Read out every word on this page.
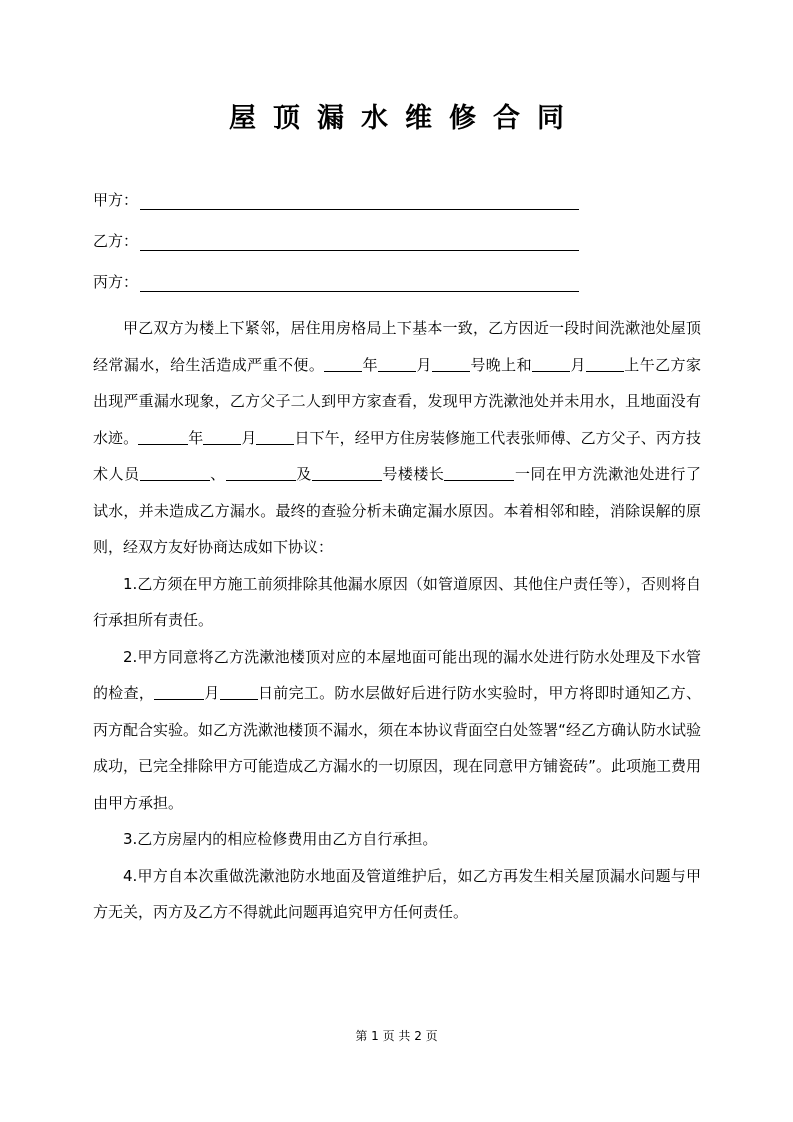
屋顶漏水维修合同
甲方：
乙方：
丙方：

甲乙双方为楼上下紧邻，居住用房格局上下基本一致，乙方因近一段时间洗漱池处屋顶经常漏水，给生活造成严重不便。	年	月	号晚上和	月	上午乙方家出现严重漏水现象，乙方父子二人到甲方家查看，发现甲方洗漱池处并未用水，且地面没有水迹。	年	月	日下午，经甲方住房装修施工代表张师傅、乙方父子、丙方技术人员	、	及	号楼楼长	一同在甲方洗漱池处进行了试水，并未造成乙方漏水。最终的查验分析未确定漏水原因。本着相邻和睦，消除误解的原则，经双方友好协商达成如下协议：

1.乙方须在甲方施工前须排除其他漏水原因（如管道原因、其他住户责任等），否则将自行承担所有责任。

2.甲方同意将乙方洗漱池楼顶对应的本屋地面可能出现的漏水处进行防水处理及下水管的检查，	月	日前完工。防水层做好后进行防水实验时，甲方将即时通知乙方、丙方配合实验。如乙方洗漱池楼顶不漏水，须在本协议背面空白处签署“经乙方确认防水试验成功，已完全排除甲方可能造成乙方漏水的一切原因，现在同意甲方铺瓷砖”。此项施工费用由甲方承担。

3.乙方房屋内的相应检修费用由乙方自行承担。

4.甲方自本次重做洗漱池防水地面及管道维护后，如乙方再发生相关屋顶漏水问题与甲方无关，丙方及乙方不得就此问题再追究甲方任何责任。

第 1 页 共 2 页
